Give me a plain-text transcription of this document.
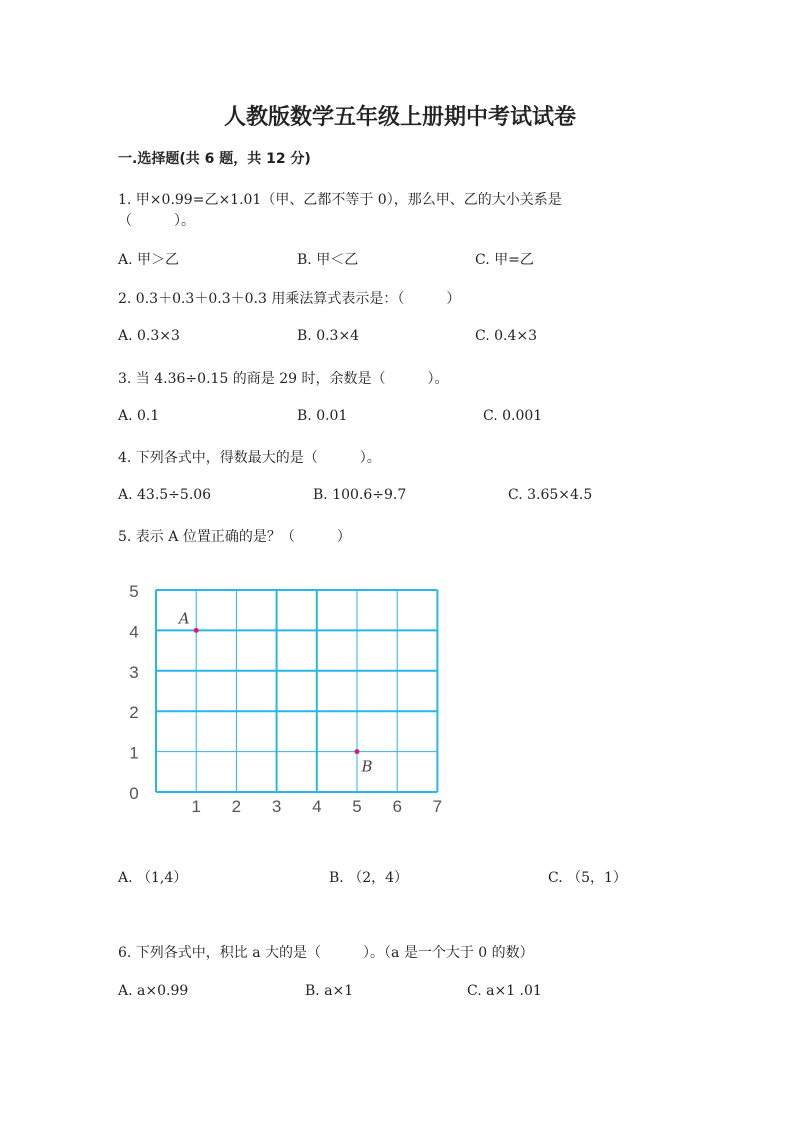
人教版数学五年级上册期中考试试卷
一.选择题(共 6 题，共 12 分)
1. 甲×0.99=乙×1.01（甲、乙都不等于 0），那么甲、乙的大小关系是
（　　　）。
A. 甲＞乙	B. 甲＜乙	C. 甲=乙
2. 0.3＋0.3＋0.3＋0.3 用乘法算式表示是：（　　　）
A. 0.3×3	B. 0.3×4	C. 0.4×3
3. 当 4.36÷0.15 的商是 29 时，余数是（　　　）。
A. 0.1	B. 0.01	C. 0.001
4. 下列各式中，得数最大的是（　　　）。
A. 43.5÷5.06	B. 100.6÷9.7	C. 3.65×4.5
5. 表示 A 位置正确的是？（　　　）
1 2 3 4 5 6 7
0
1
2
3
4
5
A
B
A. （1,4）	B. （2，4）	C. （5，1）
6. 下列各式中，积比 a 大的是（　　　）。（a 是一个大于 0 的数）
A. a×0.99	B. a×1	C. a×1 .01
